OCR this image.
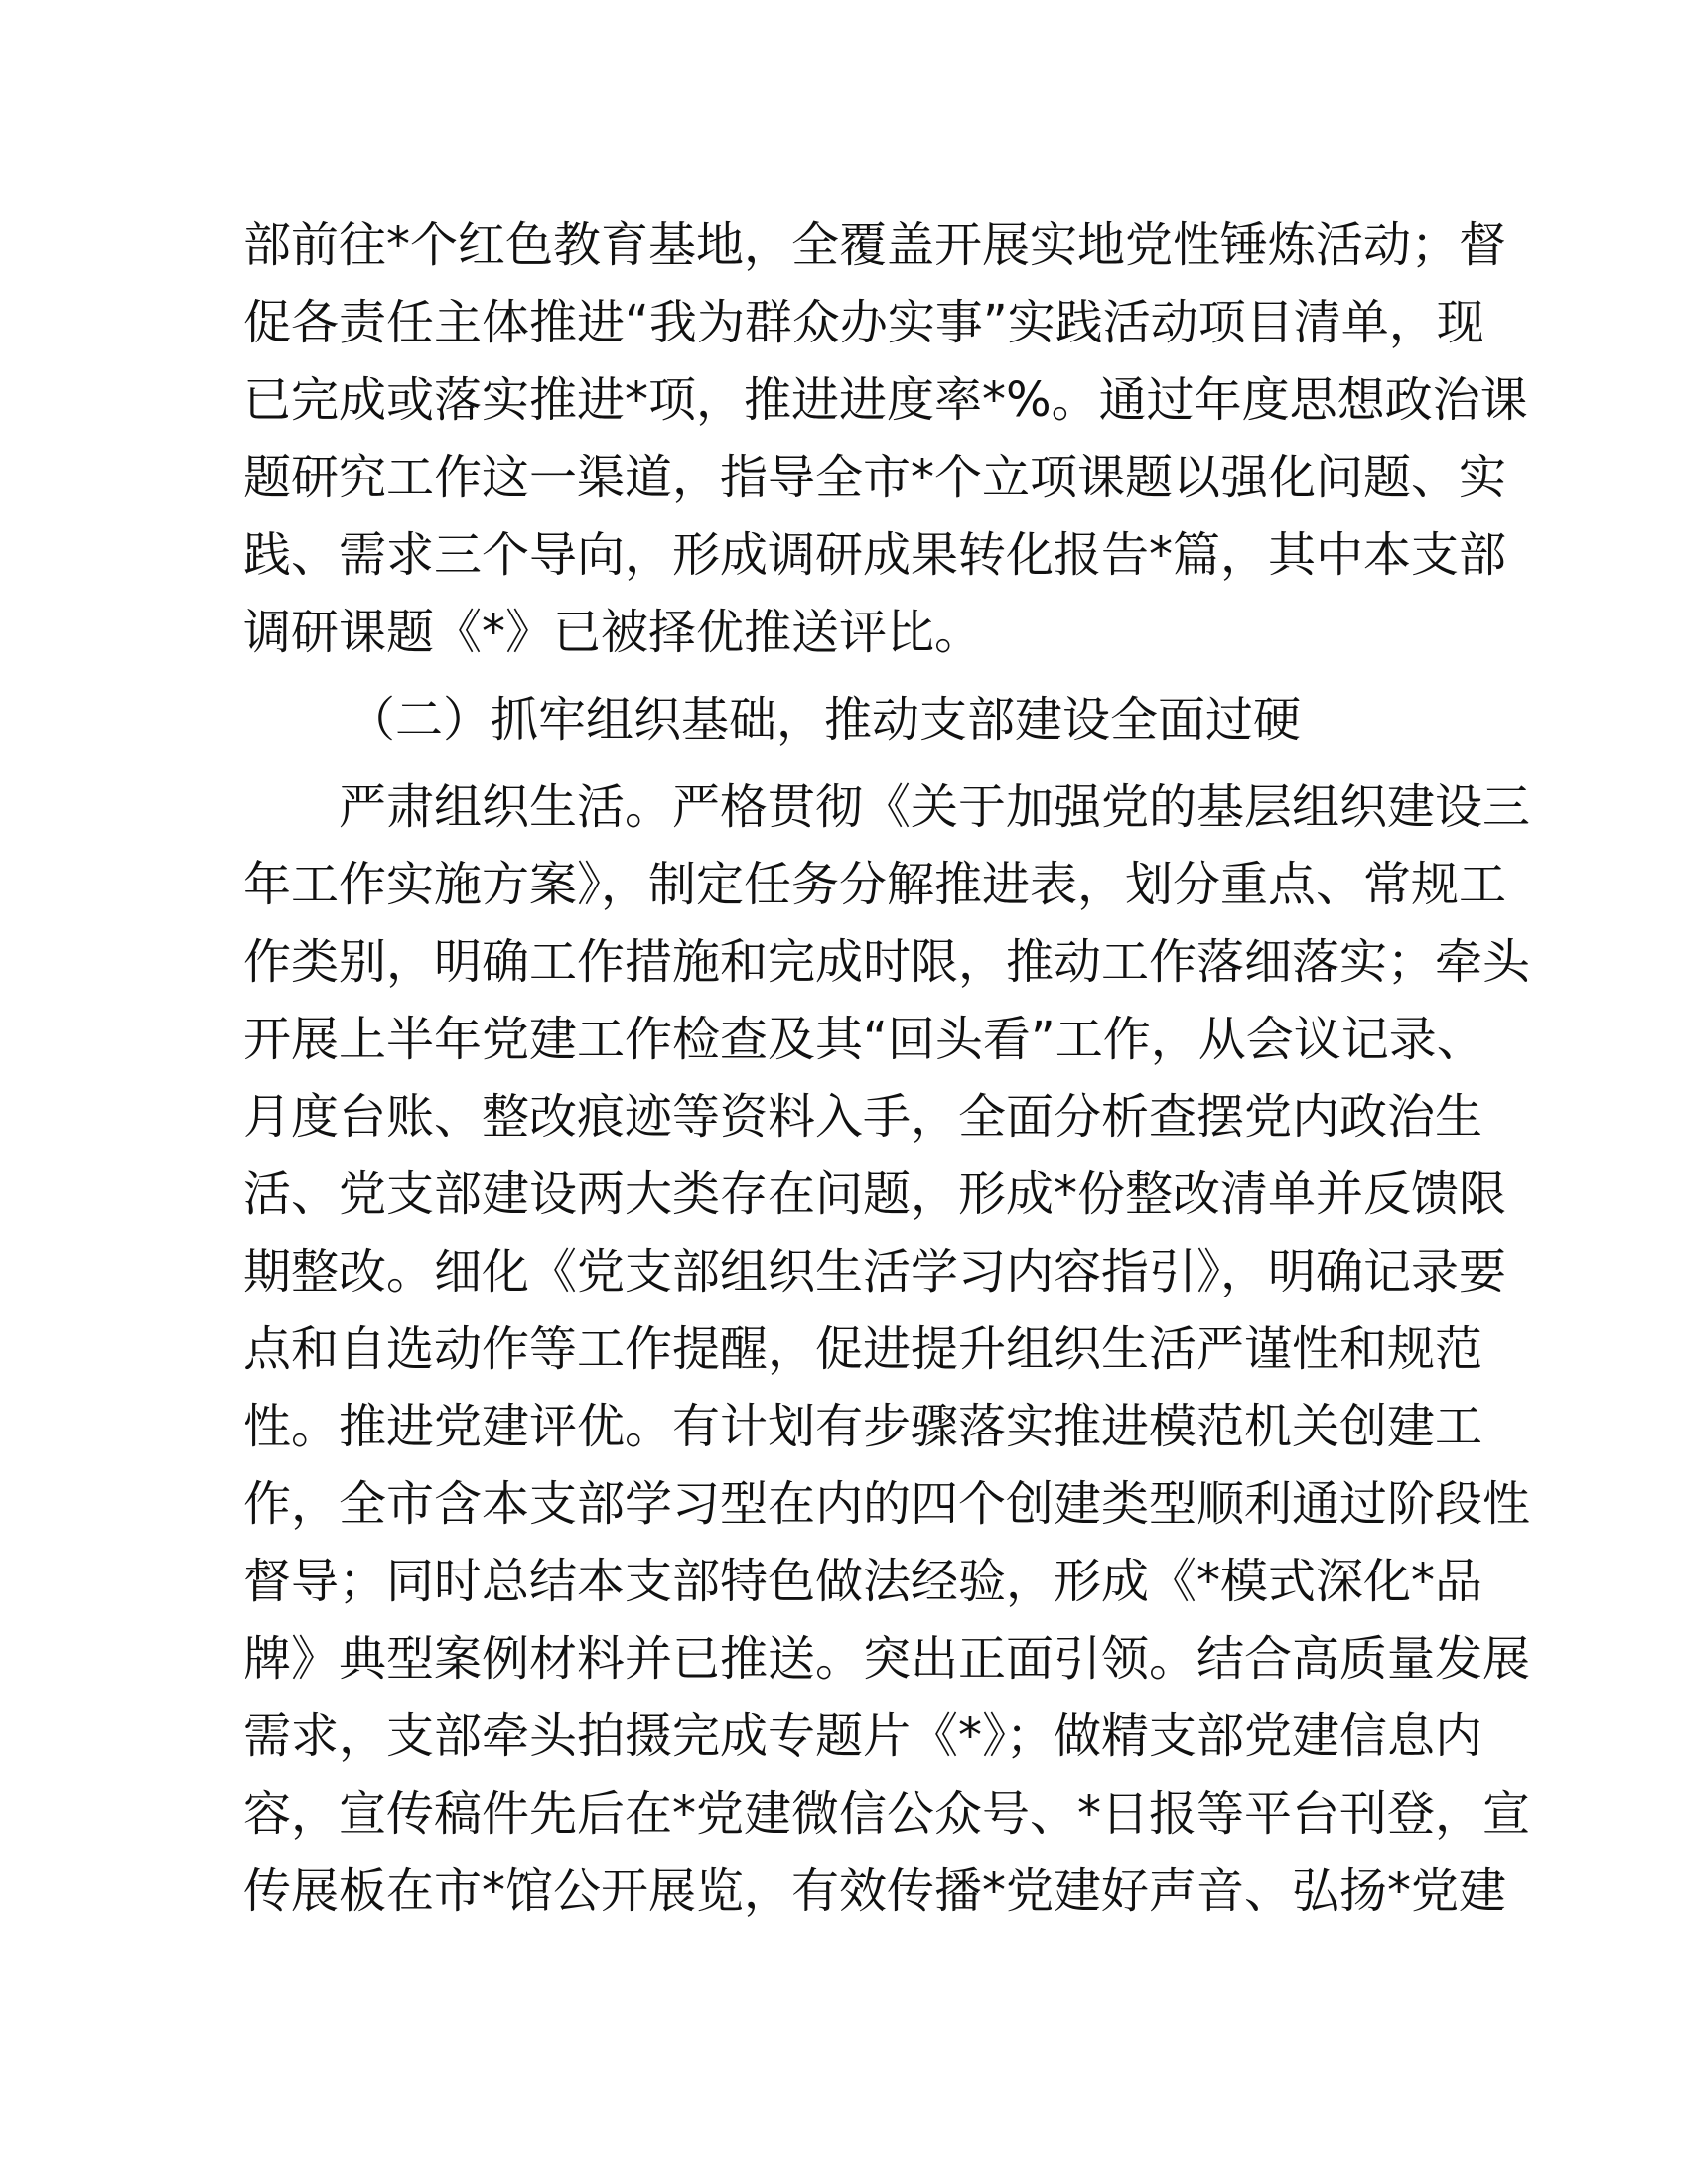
部前往*个红色教育基地，全覆盖开展实地党性锤炼活动；督
促各责任主体推进“我为群众办实事”实践活动项目清单，现
已完成或落实推进*项，推进进度率*%。通过年度思想政治课
题研究工作这一渠道，指导全市*个立项课题以强化问题、实
践、需求三个导向，形成调研成果转化报告*篇，其中本支部
调研课题《*》已被择优推送评比。
（二）抓牢组织基础，推动支部建设全面过硬
严肃组织生活。严格贯彻《关于加强党的基层组织建设三
年工作实施方案》，制定任务分解推进表，划分重点、常规工
作类别，明确工作措施和完成时限，推动工作落细落实；牵头
开展上半年党建工作检查及其“回头看”工作，从会议记录、
月度台账、整改痕迹等资料入手，全面分析查摆党内政治生
活、党支部建设两大类存在问题，形成*份整改清单并反馈限
期整改。细化《党支部组织生活学习内容指引》，明确记录要
点和自选动作等工作提醒，促进提升组织生活严谨性和规范
性。推进党建评优。有计划有步骤落实推进模范机关创建工
作，全市含本支部学习型在内的四个创建类型顺利通过阶段性
督导；同时总结本支部特色做法经验，形成《*模式深化*品
牌》典型案例材料并已推送。突出正面引领。结合高质量发展
需求，支部牵头拍摄完成专题片《*》；做精支部党建信息内
容，宣传稿件先后在*党建微信公众号、*日报等平台刊登，宣
传展板在市*馆公开展览，有效传播*党建好声音、弘扬*党建
